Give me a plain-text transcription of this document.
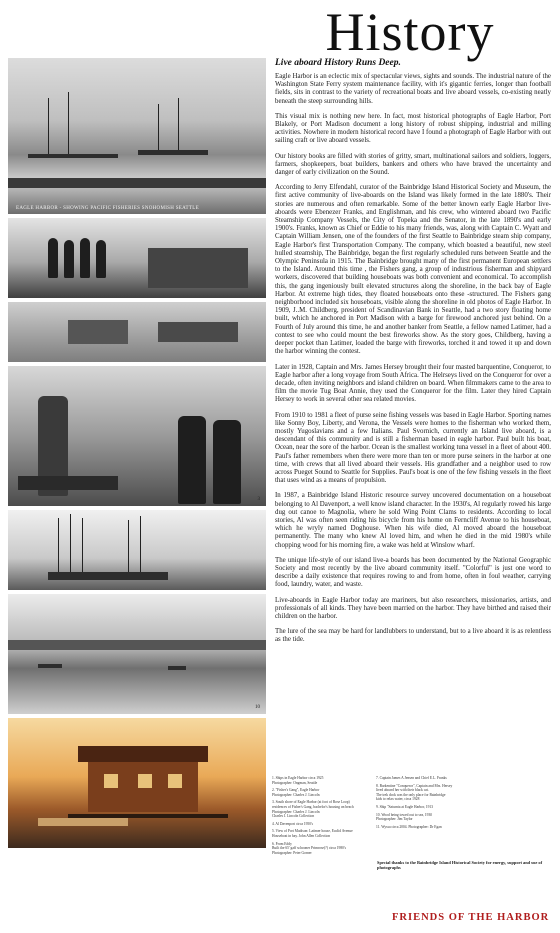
EAGLE HARBOR - SHOWING PACIFIC FISHERIES SNOHOMISH SEATTLE
3
10
History
Live aboard History Runs Deep.

Eagle Harbor is an eclectic mix of spectacular views, sights and sounds. The industrial nature of the Washington State Ferry system maintenance facility, with it's gigantic ferries, longer than football fields, sits in contrast to the variety of recreational boats and live aboard vessels, co-existing neatly beneath the steep surrounding hills.

This visual mix is nothing new here. In fact, most historical photographs of Eagle Harbor, Port Blakely, or Port Madison document a long history of robust shipping, industrial and milling activities. Nowhere in modern historical record have I found a photograph of Eagle Harbor with out sailing craft or live aboard vessels.

Our history books are filled with stories of gritty, smart, multinational sailors and soldiers, loggers, farmers, shopkeepers, boat builders, bankers and others who have braved the uncertainty and danger of early civilization on the Sound.

According to Jerry Elfendahl, curator of the Bainbridge Island Historical Society and Museum, the first active community of live-aboards on the Island was likely formed in the late 1880's. Their stories are numerous and often remarkable. Some of the better known early Eagle Harbor live-aboards were Ebenezer Franks, and Englishman, and his crew, who wintered aboard two Pacific Steamship Company Vessels, the City of Topeka and the Senator, in the late 1890's and early 1900's. Franks, known as Chief or Eddie to his many friends, was, along with Captain C. Wyatt and Captain William Jensen, one of the founders of the first Seattle to Bainbridge steam ship company, Eagle Harbor's first Transportation Company. The company, which boasted a beautiful, new steel hulled steamship, The Bainbridge, began the first regularly scheduled runs between Seattle and the Olympic Peninsula in 1915. The Bainbridge brought many of the first permanent European settlers to the Island. Around this time , the Fishers gang, a group of industrious fisherman and shipyard workers, discovered that building houseboats was both convenient and economical. To accomplish this, the gang ingeniously built elevated structures along the shoreline, in the back bay of Eagle Harbor. At extreme high tides, they floated houseboats onto these -structured. The Fishers gang neighborhood included six houseboats, visible along the shoreline in old photos of Eagle Harbor. In 1909, J..M. Childberg, president of Scandinavian Bank in Seattle, had a two story floating home built, which he anchored in Port Madison with a barge for firewood anchored just behind. On a Fourth of July around this time, he and another banker from Seattle, a fellow named Latimer, had a contest to see who could mount the best fireworks show. As the story goes, Childberg, having a deeper pocket than Latimer, loaded the barge with fireworks, torched it and towed it up and down the harbor winning the contest.

Later in 1928, Captain and Mrs. James Hersey brought their four masted barquentine, Conqueror, to Eagle harbor after a long voyage from South Africa. The Helrseys lived on the Conqueror for over a decade, often inviting neighbors and island children on board. When filmmakers came to the area to film the movie Tug Boat Annie, they used the Conqueror for the film. Later they hired Captain Hersey to work in several other sea related movies.

From 1910 to 1981 a fleet of purse seine fishing vessels was based in Eagle Harbor. Sporting names like Sonny Boy, Liberty, and Verona, the Vessels were homes to the fisherman who worked them, mostly Yugoslavians and a few Italians. Paul Svornich, currently an Island live aboard, is a descendant of this community and is still a fisherman based in eagle harbor. Paul built his boat, Ocean, near the sore of the harbor. Ocean is the smallest working tuna vessel in a fleet of about 400. Paul's father remembers when there were more than ten or more purse seiners in the harbor at one time, with crews that all lived aboard their vessels. His grandfather and a neighbor used to row across Pueget Sound to Seattle for Supplies. Paul's boat is one of the few fishing vessels in the fleet that uses wind as a means of propulsion.

In 1987, a Bainbridge Island Historic resource survey uncovered documentation on a houseboat belonging to Al Davenport, a well know island character. In the 1930's, Al regularly rowed his large dug out canoe to Magnolia, where he sold Wing Point Clams to residents. According to local stories, Al was often seen riding his bicycle from his home on Ferncliff Avenue to his houseboat, which he wryly named Doghouse. When his wife died, Al moved aboard the houseboat permanently. The many who knew Al loved him, and when he died in the mid 1980's while chopping wood for his morning fire, a wake was held at Winslow wharf.

The unique life-style of our island live-a boards has been documented by the National Geographic Society and most recently by the live aboard community itself. "Colorful" is just one word to describe a daily existence that requires rowing to and from home, often in foul weather, carrying food, laundry, water, and waste.

Live-aboards in Eagle Harbor today are mariners, but also researchers, missionaries, artists, and professionals of all kinds. They have been married on the harbor. They have birthed and raised their children on the harbor.

The lure of the sea may be hard for landlubbers to understand, but to a live aboard it is as relentless as the tide.

1. Ships in Eagle Harbor circa 1925
Photographer: Ongman, Seattle
2. "Fisher's Gang", Eagle Harbor
Photographer: Charles J. Lincoln
3. South shore of Eagle Harbor (at foot of Rose Loop)
residences of Fisher's Gang, bachelor's housing on beach
Photographer: Charles J. Lincoln
Charles J. Lincoln Collection
4. Al Davenport circa 1950's
5. View of Port Madison: Latimer house, Euclid Avenue
Houseboat in bay. John Allen Collection
6. From Eddy
Built the 65' gaff schooner Primrose(?) circa 1980's
Photographer: Peter Gorner
7. Captain James A Jensen and Chief E.L. Franks
8. Barkentine "Conqueror", Captain and Mrs. Hersey
lived aboard her with their black cat.
The trek dock was the only place for Bainbridge
kids to relax water, circa 1928
9. Ship "Saturnia at Eagle Harbor, 1913
10. Wood being towed out to sea, 1930
Photographer: Jim Taylor
11. Wyssa circa 2004. Photographer: Dr Egan
Special thanks to the Bainbridge Island Historical Society for energy, support and use of photographs
FRIENDS OF THE HARBOR
